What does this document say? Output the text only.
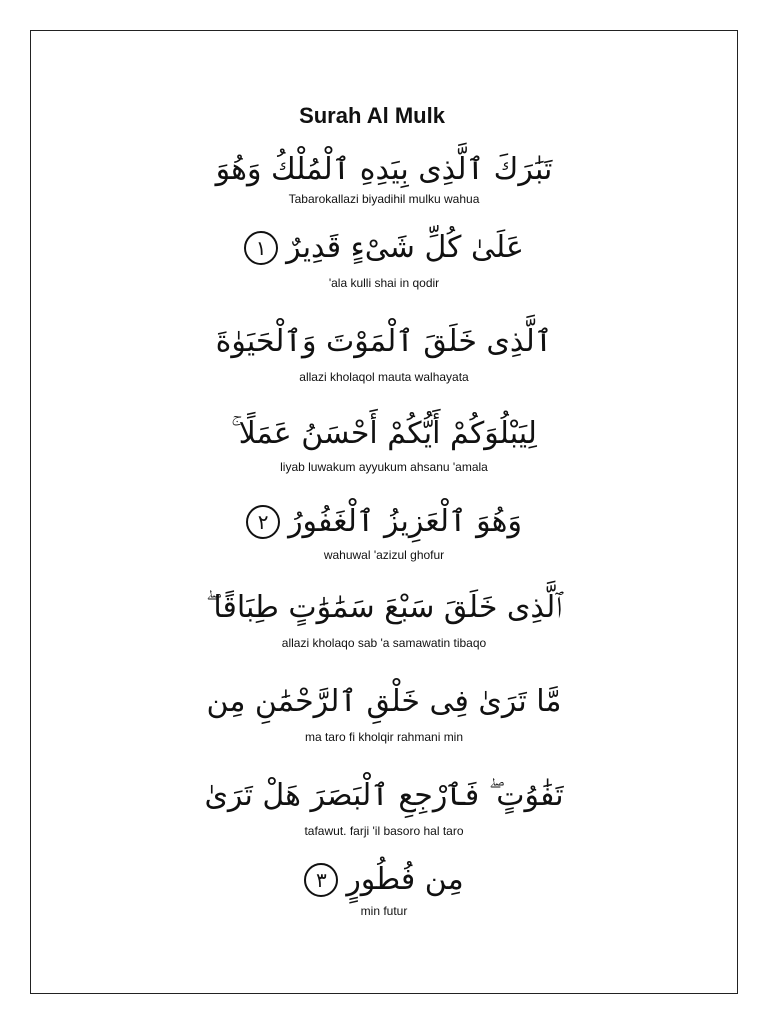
Surah Al Mulk
تَبَٰرَكَ ٱلَّذِى بِيَدِهِ ٱلْمُلْكُ وَهُوَ
Tabarokallazi biyadihil mulku wahua
عَلَىٰ كُلِّ شَىْءٍ قَدِيرٌ
١
'ala kulli shai in qodir
ٱلَّذِى خَلَقَ ٱلْمَوْتَ وَٱلْحَيَوٰةَ
allazi kholaqol mauta walhayata
لِيَبْلُوَكُمْ أَيُّكُمْ أَحْسَنُ عَمَلًا ۚ
liyab luwakum ayyukum ahsanu 'amala
وَهُوَ ٱلْعَزِيزُ ٱلْغَفُورُ
٢
wahuwal 'azizul ghofur
ٱلَّذِى خَلَقَ سَبْعَ سَمَٰوَٰتٍ طِبَاقًا ۖ
allazi kholaqo sab 'a samawatin tibaqo
مَّا تَرَىٰ فِى خَلْقِ ٱلرَّحْمَٰنِ مِن
ma taro fi kholqir rahmani min
تَفَٰوُتٍ ۖ فَٱرْجِعِ ٱلْبَصَرَ هَلْ تَرَىٰ
tafawut. farji 'il basoro hal taro
مِن فُطُورٍ
٣
min futur
